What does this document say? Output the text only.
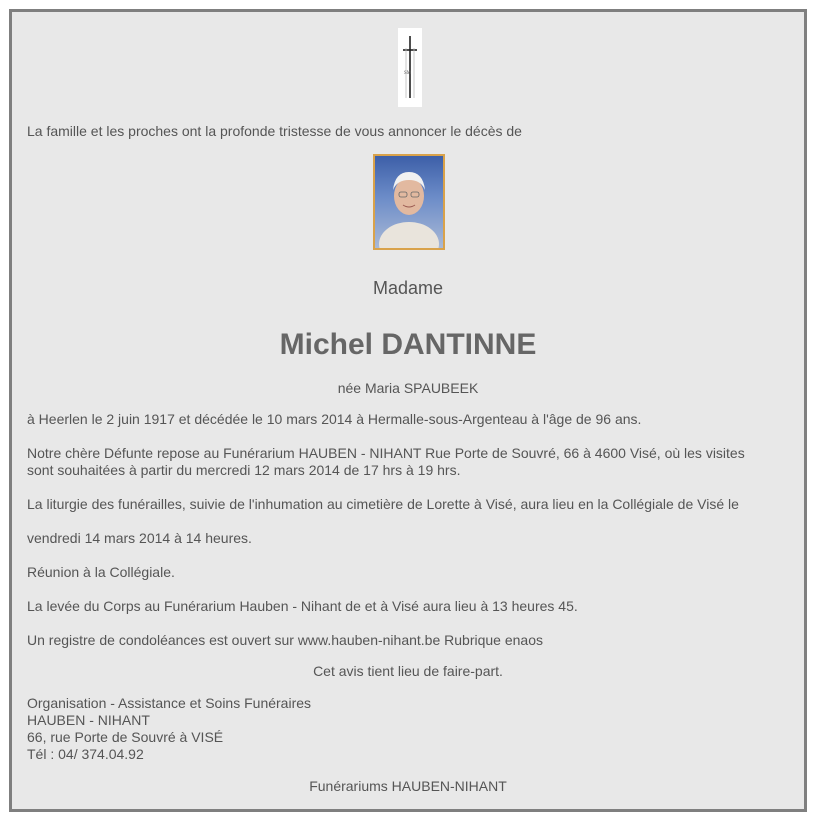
SM

La famille et les proches ont la profonde tristesse de vous annoncer le décès de

Madame

Michel DANTINNE

née Maria SPAUBEEK

à Heerlen le 2 juin 1917 et décédée le 10 mars 2014 à Hermalle-sous-Argenteau à l'âge de 96 ans.

Notre chère Défunte repose au Funérarium HAUBEN - NIHANT Rue Porte de Souvré, 66 à 4600 Visé, où les visites

sont souhaitées à partir du mercredi 12 mars 2014 de 17 hrs à 19 hrs.

La liturgie des funérailles, suivie de l'inhumation au cimetière de Lorette à Visé, aura lieu en la Collégiale de Visé le

vendredi 14 mars 2014 à 14 heures.

Réunion à la Collégiale.

La levée du Corps au Funérarium Hauben - Nihant de et à Visé aura lieu à 13 heures 45.

Un registre de condoléances est ouvert sur www.hauben-nihant.be Rubrique enaos

Cet avis tient lieu de faire-part.

Organisation - Assistance et Soins Funéraires

HAUBEN - NIHANT

66, rue Porte de Souvré à VISÉ

Tél : 04/ 374.04.92

Funérariums HAUBEN-NIHANT
